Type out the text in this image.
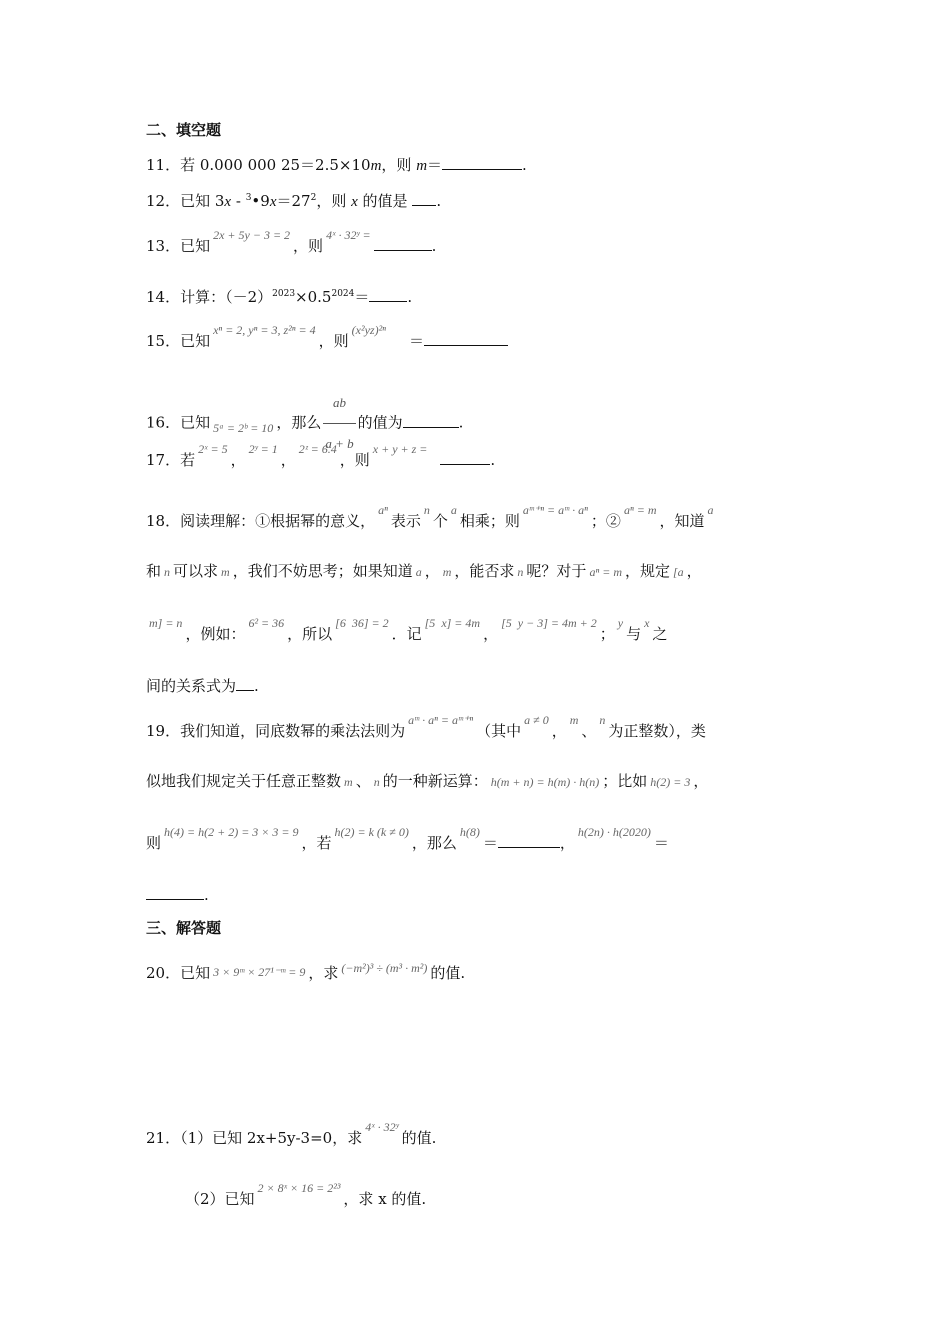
二、填空题
11．若 0.000 000 25＝2.5×10m，则 m＝	.
12．已知 $3x - ^3•9x=27^2$，则 x 的值是 .
13．已知$^{2x + 5y - 3 = 2}$，则$^{4ˣ \cdot 32ʸ =}$.
14．计算：$(-2)^{2023}\times 0.5^{2024}=$	.
15．已知$^{x^n = 2, y^n = 3, z^{2n} = 4}$，则$^{(x^2yz)^{2n}}$＝
16．已知 $_{5ᵃ = 2ᵇ = 10}$ ，那么 $\frac{ab}{a + b}$ 的值为	.
17．若$^{2ˣ = 5}$，$^{2ʸ = 1}$，$^{2ᶻ = 6.4}$，则$^{x + y + z =}$.
18．阅读理解：①根据幂的意义，$^{a^n}$表示$^n$个$^a$相乘；则$^{aᵐ^{+n} = aᵐ \cdot a^n}$；②$^{a^n = m}$，知道$^a$
和 n 可以求 m ，我们不妨思考；如果知道 a ， m ，能否求 n 呢？对于 aⁿ = m ，规定 [a ，
$^{m] = n}$，例如：$^{6^2 = 36}$，所以$^{[6}$ $^{36] = 2}$．记$^{[5}$ $^{x] = 4m}$，$^{[5}$ $^{y - 3] = 4m + 2}$；$^y$与$^x$之
间的关系式为 .
19．我们知道，同底数幂的乘法法则为$^{aᵐ \cdot a^n = aᵐ^{+n}}$（其中$^{a \ne 0}$，$^m$、$^n$为正整数），类
似地我们规定关于任意正整数 m 、 n 的一种新运算： h(m + n) = h(m) · h(n) ；比如 h(2) = 3 ，
则$^{h(4) = h(2 + 2) = 3 \times 3 = 9}$，若$^{h(2) = k (k \ne 0)}$，那么$^{h(8)}$＝	，$^{h(2n) \cdot h(2020)}$＝
.
三、解答题
20．已知 3 × 9ᵐ × 27¹⁻ᵐ = 9 ，求 $^{(-m^2)^3 \div (m^3 \cdot m^2)}$ 的值.
21．（1）已知 2x+5y-3=0，求$^{4ˣ \cdot 32ʸ}$的值.
（2）已知$^{2 \times 8ˣ \times 16 = 2^{23}}$，求 x 的值.
